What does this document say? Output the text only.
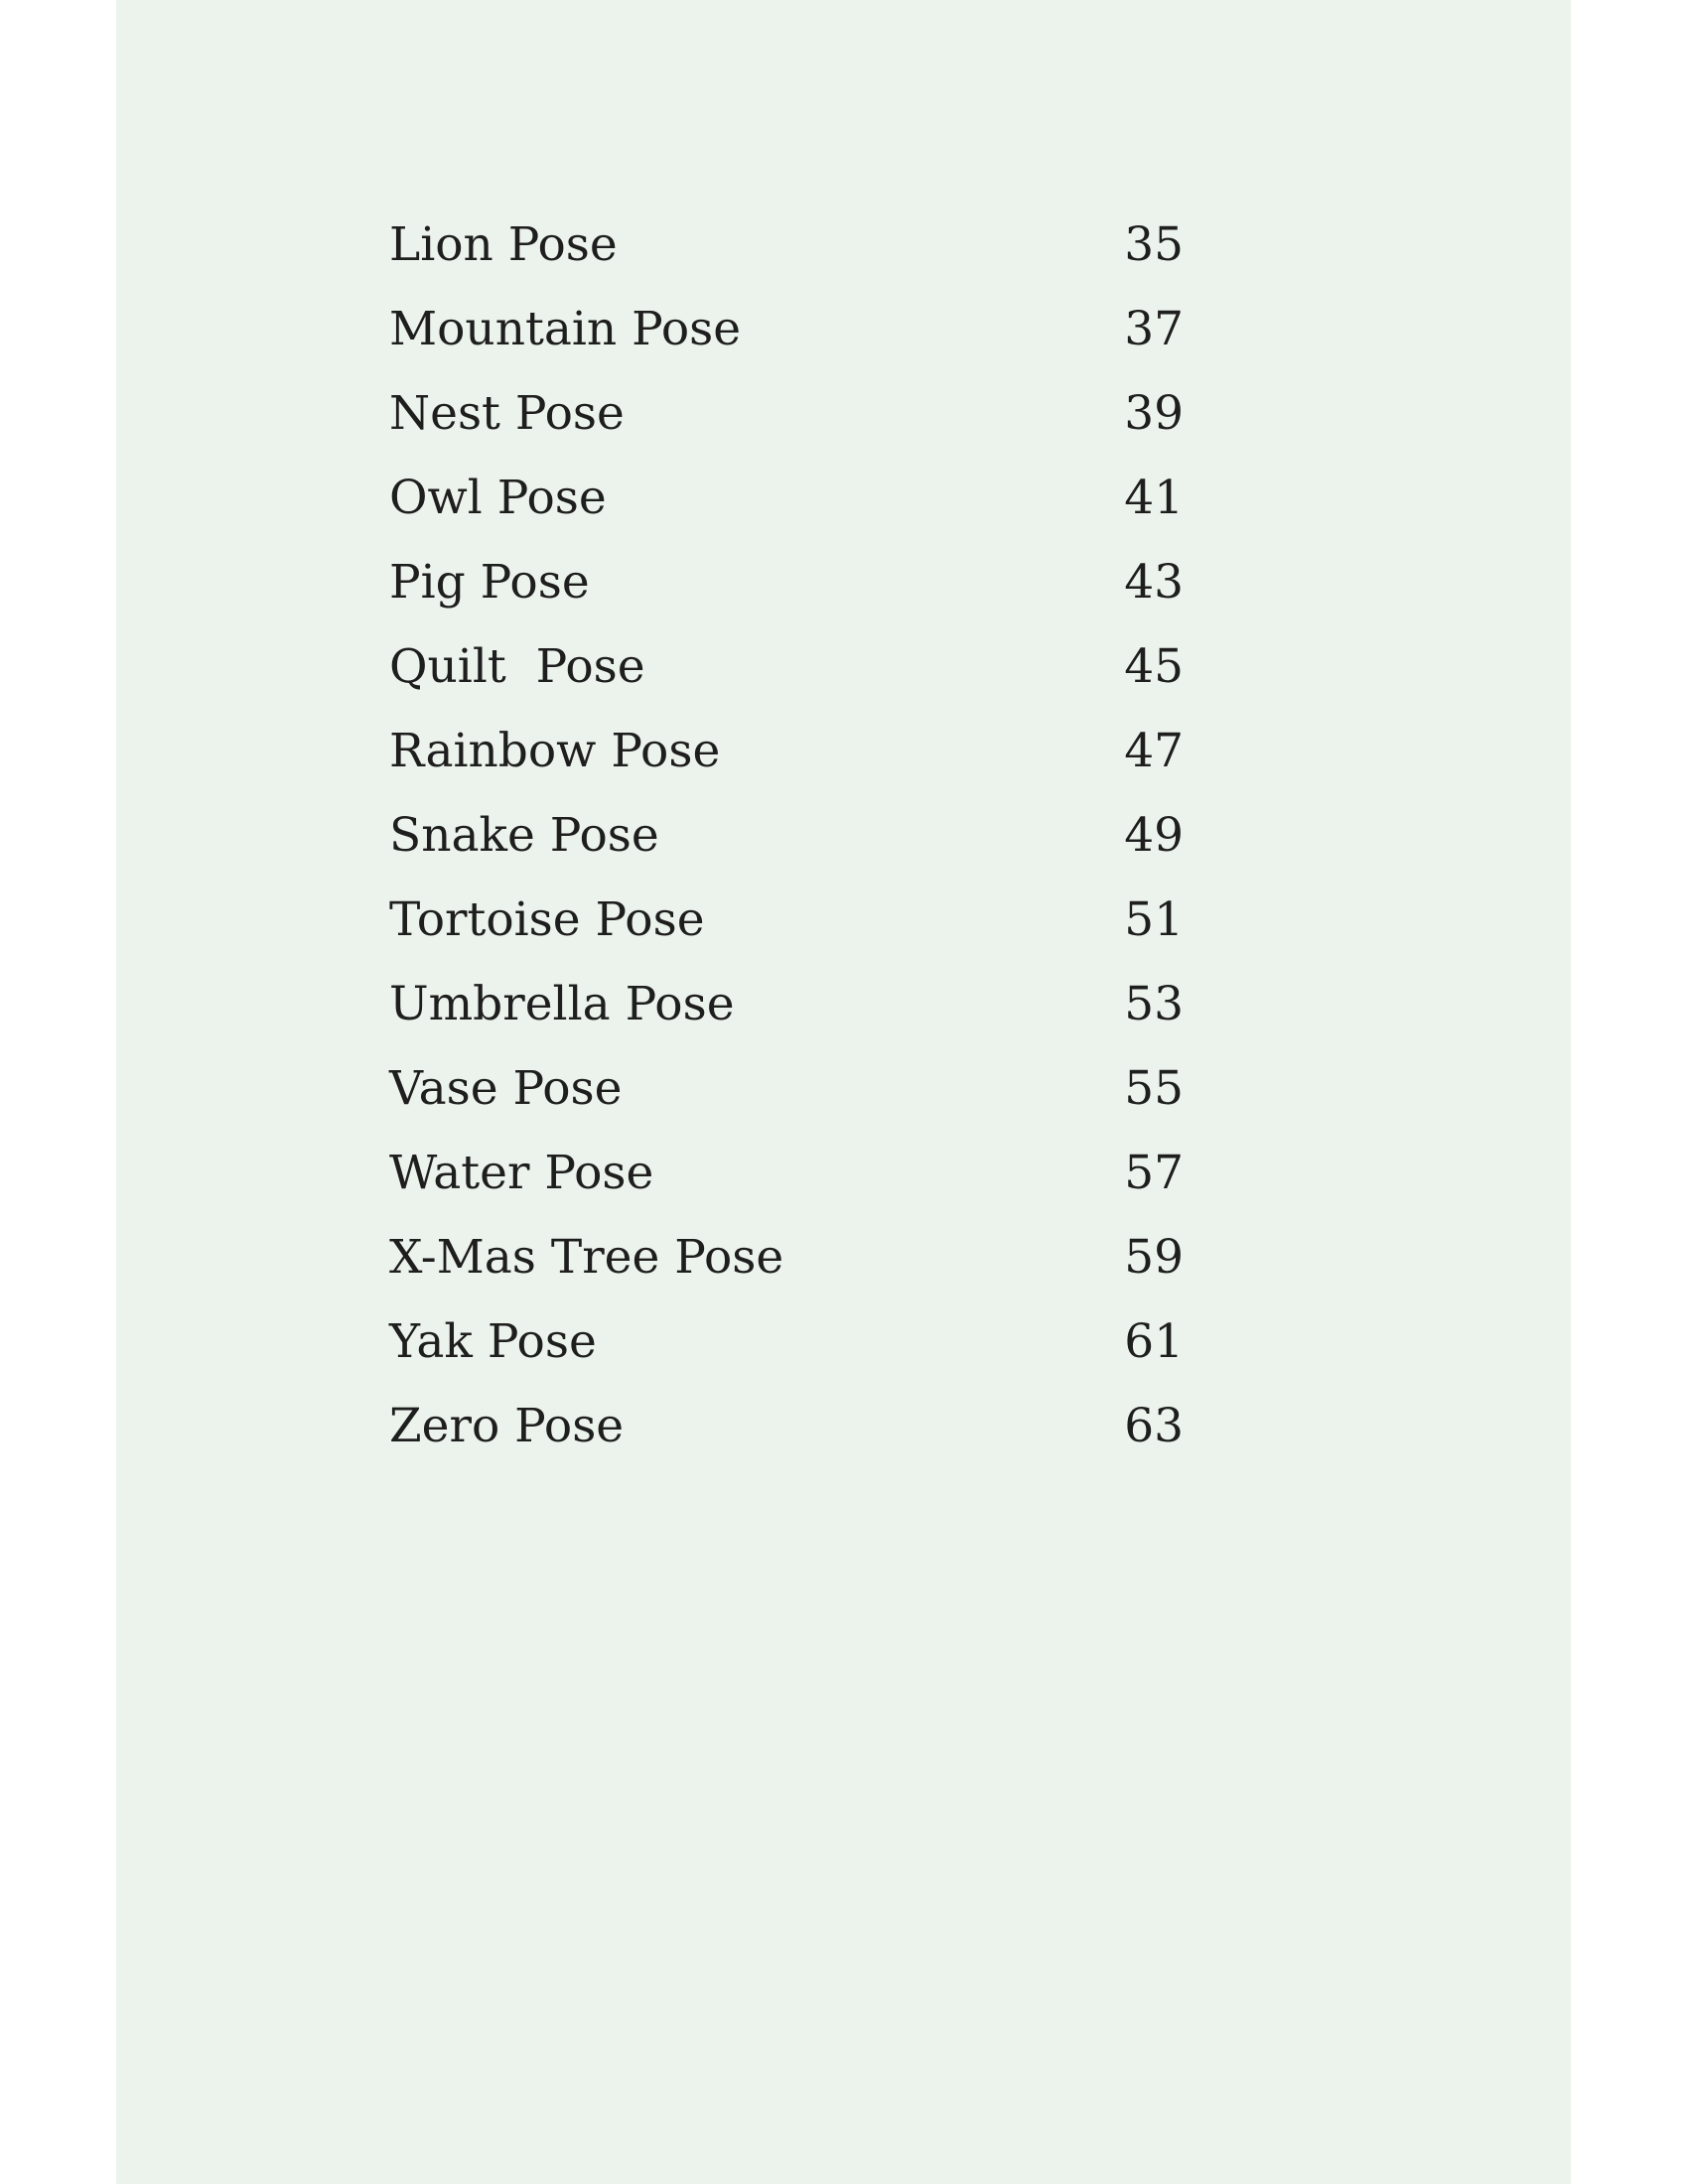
Lion Pose	35
Mountain Pose	37
Nest Pose	39
Owl Pose	41
Pig Pose	43
Quilt  Pose	45
Rainbow Pose	47
Snake Pose	49
Tortoise Pose	51
Umbrella Pose	53
Vase Pose	55
Water Pose	57
X-Mas Tree Pose	59
Yak Pose	61
Zero Pose	63
